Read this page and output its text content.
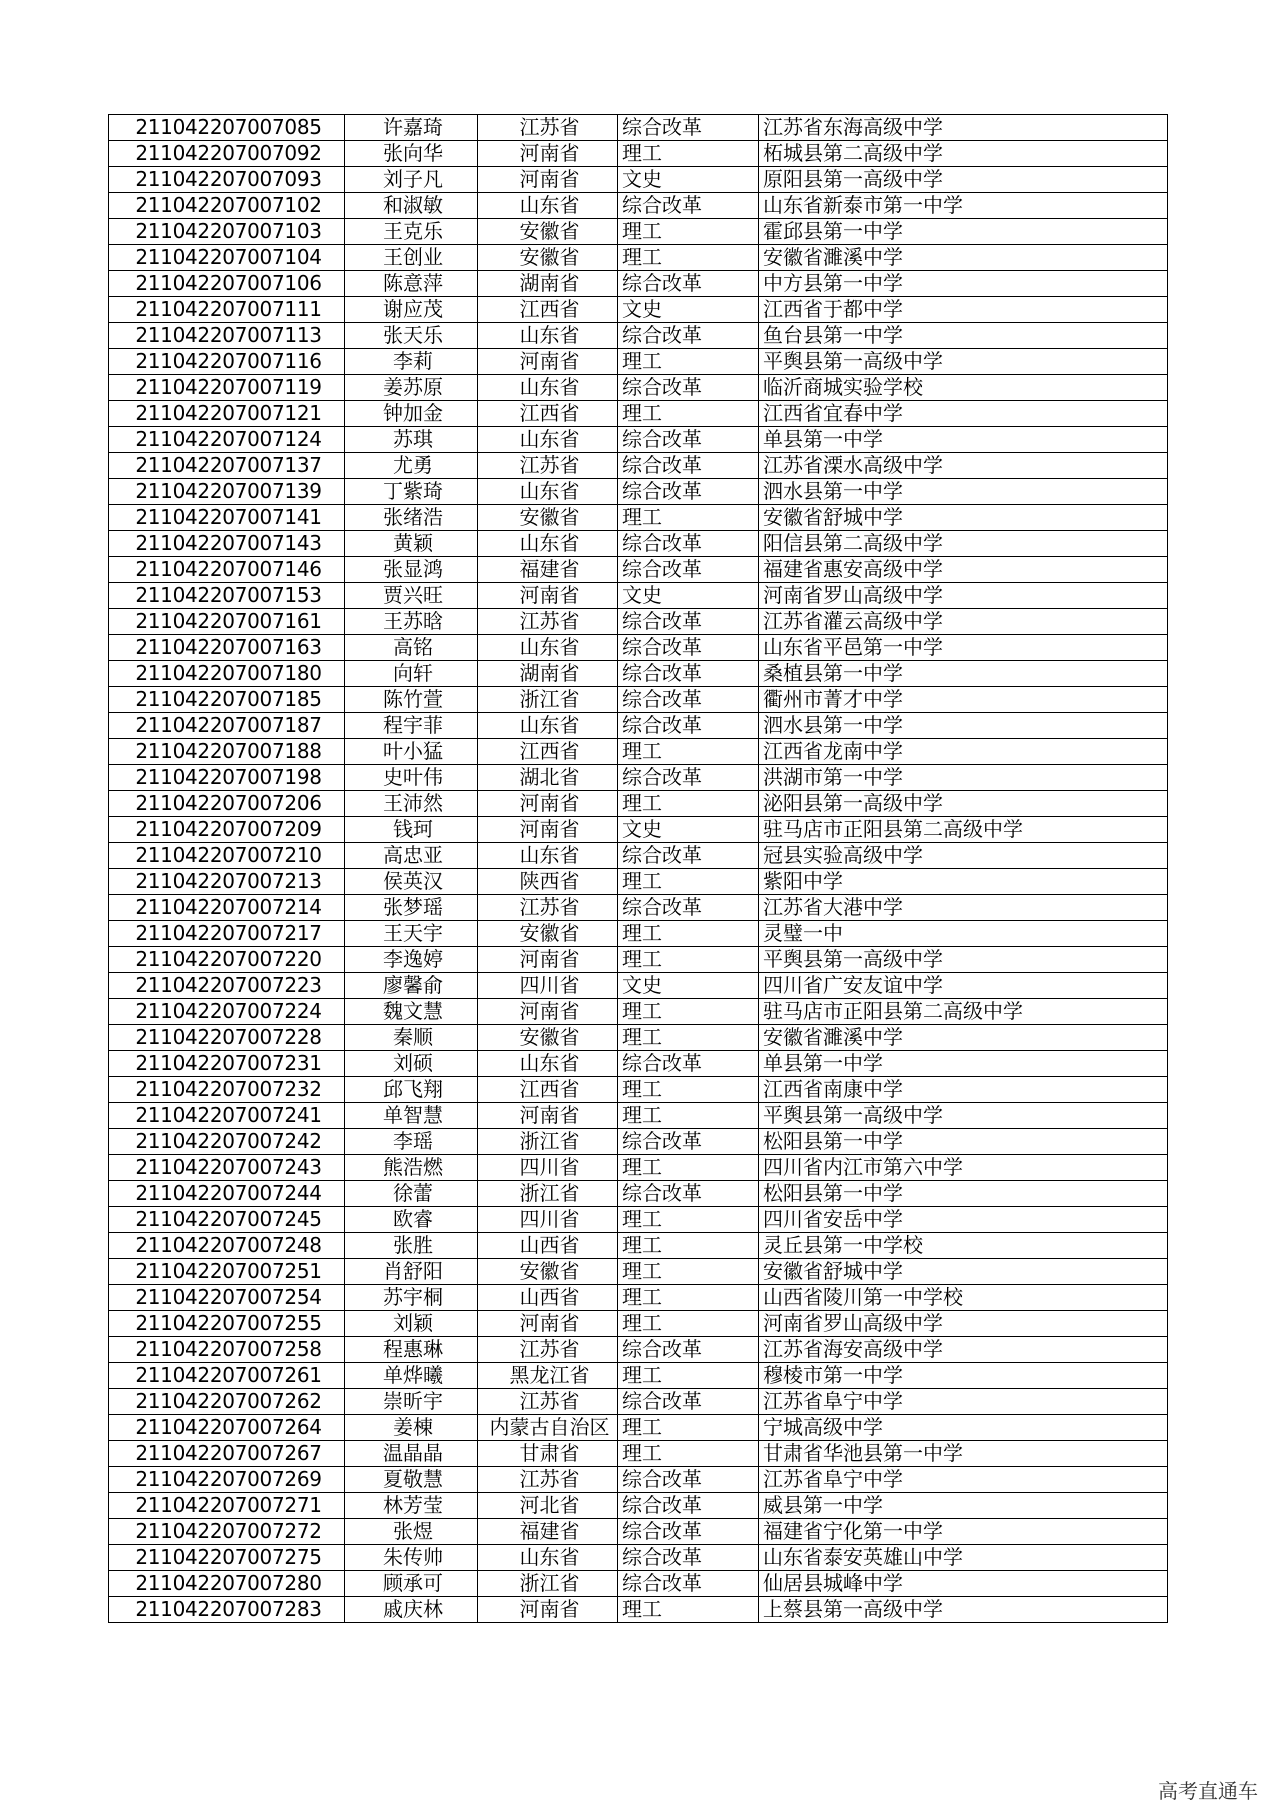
211042207007085	许嘉琦	江苏省	综合改革	江苏省东海高级中学
211042207007092	张向华	河南省	理工	柘城县第二高级中学
211042207007093	刘子凡	河南省	文史	原阳县第一高级中学
211042207007102	和淑敏	山东省	综合改革	山东省新泰市第一中学
211042207007103	王克乐	安徽省	理工	霍邱县第一中学
211042207007104	王创业	安徽省	理工	安徽省濉溪中学
211042207007106	陈意萍	湖南省	综合改革	中方县第一中学
211042207007111	谢应茂	江西省	文史	江西省于都中学
211042207007113	张天乐	山东省	综合改革	鱼台县第一中学
211042207007116	李莉	河南省	理工	平舆县第一高级中学
211042207007119	姜苏原	山东省	综合改革	临沂商城实验学校
211042207007121	钟加金	江西省	理工	江西省宜春中学
211042207007124	苏琪	山东省	综合改革	单县第一中学
211042207007137	尤勇	江苏省	综合改革	江苏省溧水高级中学
211042207007139	丁紫琦	山东省	综合改革	泗水县第一中学
211042207007141	张绪浩	安徽省	理工	安徽省舒城中学
211042207007143	黄颖	山东省	综合改革	阳信县第二高级中学
211042207007146	张显鸿	福建省	综合改革	福建省惠安高级中学
211042207007153	贾兴旺	河南省	文史	河南省罗山高级中学
211042207007161	王苏晗	江苏省	综合改革	江苏省灌云高级中学
211042207007163	高铭	山东省	综合改革	山东省平邑第一中学
211042207007180	向轩	湖南省	综合改革	桑植县第一中学
211042207007185	陈竹萱	浙江省	综合改革	衢州市菁才中学
211042207007187	程宇菲	山东省	综合改革	泗水县第一中学
211042207007188	叶小猛	江西省	理工	江西省龙南中学
211042207007198	史叶伟	湖北省	综合改革	洪湖市第一中学
211042207007206	王沛然	河南省	理工	泌阳县第一高级中学
211042207007209	钱珂	河南省	文史	驻马店市正阳县第二高级中学
211042207007210	高忠亚	山东省	综合改革	冠县实验高级中学
211042207007213	侯英汉	陕西省	理工	紫阳中学
211042207007214	张梦瑶	江苏省	综合改革	江苏省大港中学
211042207007217	王天宇	安徽省	理工	灵璧一中
211042207007220	李逸婷	河南省	理工	平舆县第一高级中学
211042207007223	廖馨俞	四川省	文史	四川省广安友谊中学
211042207007224	魏文慧	河南省	理工	驻马店市正阳县第二高级中学
211042207007228	秦顺	安徽省	理工	安徽省濉溪中学
211042207007231	刘硕	山东省	综合改革	单县第一中学
211042207007232	邱飞翔	江西省	理工	江西省南康中学
211042207007241	单智慧	河南省	理工	平舆县第一高级中学
211042207007242	李瑶	浙江省	综合改革	松阳县第一中学
211042207007243	熊浩燃	四川省	理工	四川省内江市第六中学
211042207007244	徐蕾	浙江省	综合改革	松阳县第一中学
211042207007245	欧睿	四川省	理工	四川省安岳中学
211042207007248	张胜	山西省	理工	灵丘县第一中学校
211042207007251	肖舒阳	安徽省	理工	安徽省舒城中学
211042207007254	苏宇桐	山西省	理工	山西省陵川第一中学校
211042207007255	刘颖	河南省	理工	河南省罗山高级中学
211042207007258	程惠琳	江苏省	综合改革	江苏省海安高级中学
211042207007261	单烨曦	黑龙江省	理工	穆棱市第一中学
211042207007262	崇昕宇	江苏省	综合改革	江苏省阜宁中学
211042207007264	姜棟	内蒙古自治区	理工	宁城高级中学
211042207007267	温晶晶	甘肃省	理工	甘肃省华池县第一中学
211042207007269	夏敬慧	江苏省	综合改革	江苏省阜宁中学
211042207007271	林芳莹	河北省	综合改革	威县第一中学
211042207007272	张煜	福建省	综合改革	福建省宁化第一中学
211042207007275	朱传帅	山东省	综合改革	山东省泰安英雄山中学
211042207007280	顾承可	浙江省	综合改革	仙居县城峰中学
211042207007283	戚庆林	河南省	理工	上蔡县第一高级中学
高考直通车
